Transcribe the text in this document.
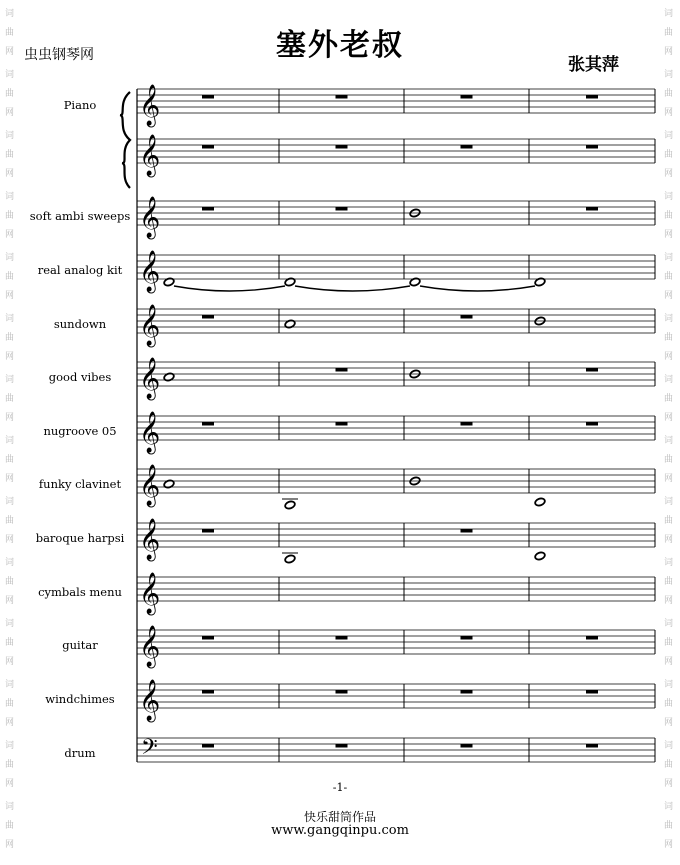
词
曲
网
词
曲
网
词
曲
网
词
曲
网
词
曲
网
词
曲
网
词
曲
网
词
曲
网
词
曲
网
词
曲
网
词
曲
网
词
曲
网
词
曲
网
词
曲
网
词
曲
网
词
曲
网
词
曲
网
词
曲
网
词
曲
网
词
曲
网
词
曲
网
词
曲
网
词
曲
网
词
曲
网
词
曲
网
词
曲
网
词
曲
网
词
曲
网
虫虫钢琴网	塞外老叔
张其萍
Piano
soft ambi sweeps
real analog kit
sundown
good vibes
nugroove 05
funky clavinet
baroque harpsi
cymbals menu
guitar
windchimes
drum
𝄞
𝄞
𝄞
𝄞
𝄞
𝄞
𝄞
𝄞
𝄞
𝄞
𝄞
𝄞
𝄢
-1-
快乐甜筒作品
www.gangqinpu.com
